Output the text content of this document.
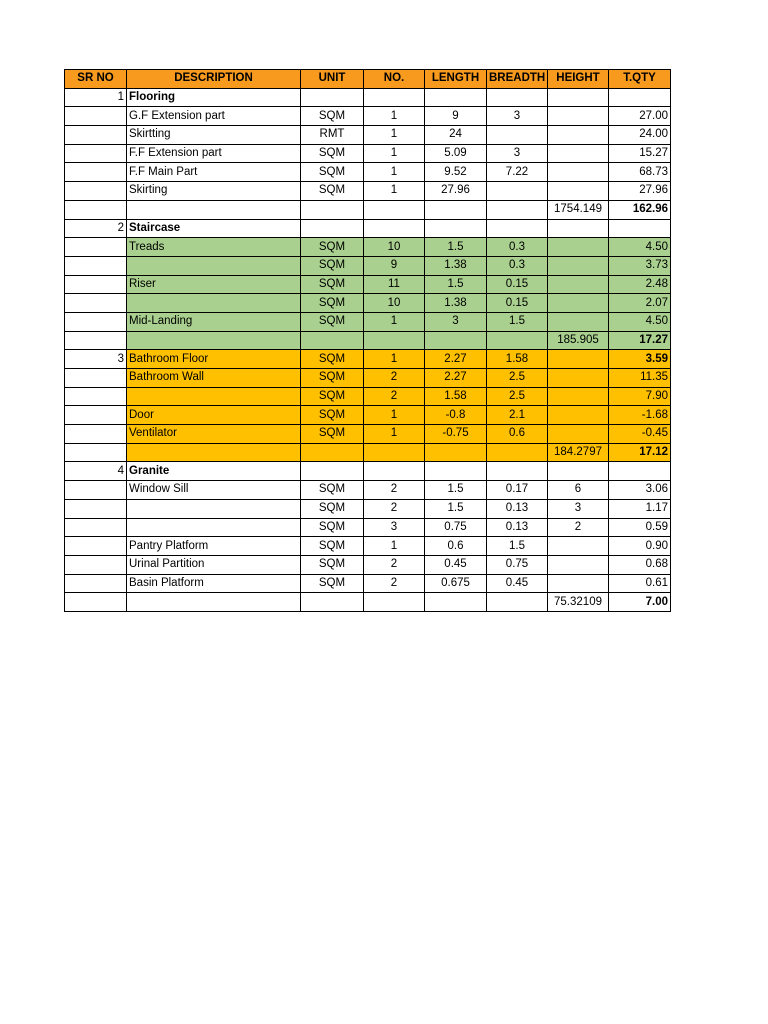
SR NO	DESCRIPTION	UNIT	NO.	LENGTH	BREADTH	HEIGHT	T.QTY
1	Flooring						
	G.F Extension part	SQM	1	9	3		27.00
	Skirtting	RMT	1	24			24.00
	F.F Extension part	SQM	1	5.09	3		15.27
	F.F Main Part	SQM	1	9.52	7.22		68.73
	Skirting	SQM	1	27.96			27.96
						1754.149	162.96
2	Staircase						
	Treads	SQM	10	1.5	0.3		4.50
		SQM	9	1.38	0.3		3.73
	Riser	SQM	11	1.5	0.15		2.48
		SQM	10	1.38	0.15		2.07
	Mid-Landing	SQM	1	3	1.5		4.50
						185.905	17.27
3	Bathroom Floor	SQM	1	2.27	1.58		3.59
	Bathroom Wall	SQM	2	2.27	2.5		11.35
		SQM	2	1.58	2.5		7.90
	Door	SQM	1	-0.8	2.1		-1.68
	Ventilator	SQM	1	-0.75	0.6		-0.45
						184.2797	17.12
4	Granite						
	Window Sill	SQM	2	1.5	0.17	6	3.06
		SQM	2	1.5	0.13	3	1.17
		SQM	3	0.75	0.13	2	0.59
	Pantry Platform	SQM	1	0.6	1.5		0.90
	Urinal Partition	SQM	2	0.45	0.75		0.68
	Basin Platform	SQM	2	0.675	0.45		0.61
						75.32109	7.00
